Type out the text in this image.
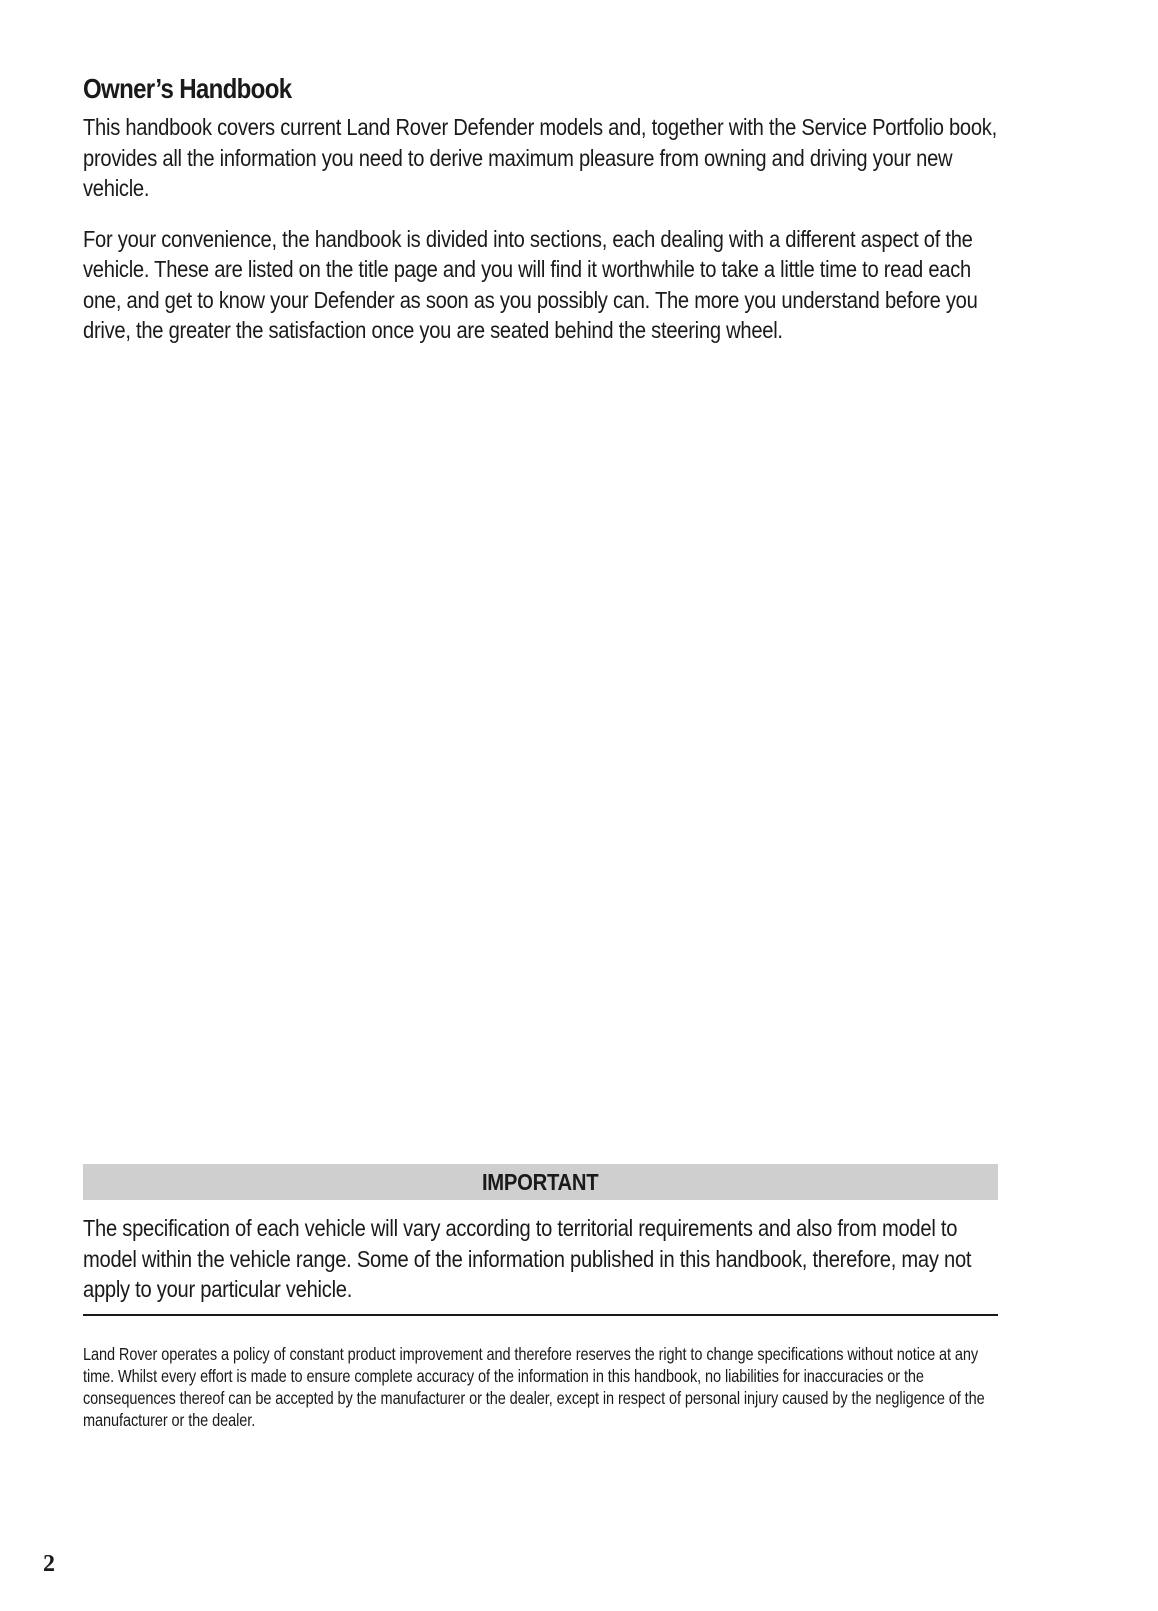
Owner’s Handbook

This handbook covers current Land Rover Defender models and, together with the Service Portfolio book, provides all the information you need to derive maximum pleasure from owning and driving your new vehicle.

For your convenience, the handbook is divided into sections, each dealing with a different aspect of the vehicle. These are listed on the title page and you will find it worthwhile to take a little time to read each one, and get to know your Defender as soon as you possibly can. The more you understand before you drive, the greater the satisfaction once you are seated behind the steering wheel.

IMPORTANT

The specification of each vehicle will vary according to territorial requirements and also from model to model within the vehicle range. Some of the information published in this handbook, therefore, may not apply to your particular vehicle.

Land Rover operates a policy of constant product improvement and therefore reserves the right to change specifications without notice at any time. Whilst every effort is made to ensure complete accuracy of the information in this handbook, no liabilities for inaccuracies or the consequences thereof can be accepted by the manufacturer or the dealer, except in respect of personal injury caused by the negligence of the manufacturer or the dealer.

2
